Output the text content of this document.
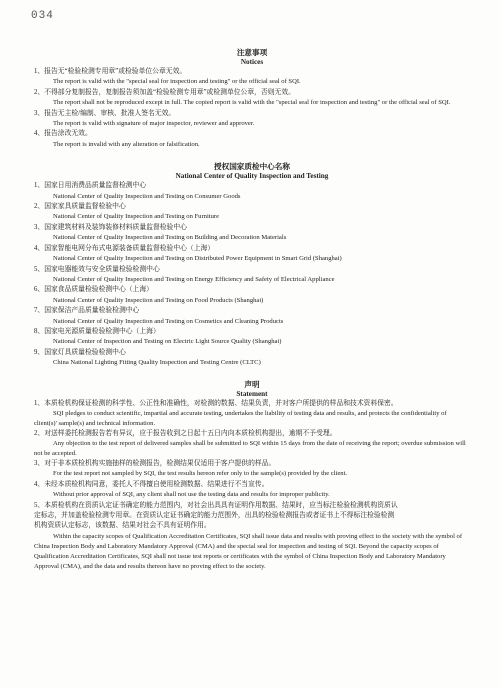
034
注意事项
Notices
1、报告无“检验检测专用章”或检验单位公章无效。
The report is valid with the "special seal for inspection and testing" or the official seal of SQI.
2、不得部分复制报告，复制报告须加盖“检验检测专用章”或检测单位公章，否则无效。
The report shall not be reproduced except in full. The copied report is valid with the "special seal for inspection and testing" or the official seal of SQI.
3、报告无主检/编制、审核、批准人签名无效。
The report is valid with signature of major inspector, reviewer and approver.
4、报告涂改无效。
The report is invalid with any alteration or falsification.
授权国家质检中心名称
National Center of Quality Inspection and Testing
1、国家日用消费品质量监督检测中心
National Center of Quality Inspection and Testing on Consumer Goods
2、国家家具质量监督检验中心
National Center of Quality Inspection and Testing on Furniture
3、国家建筑材料及装饰装修材料质量监督检验中心
National Center of Quality Inspection and Testing on Building and Decoration Materials
4、国家智能电网分布式电源装备质量监督检验中心（上海）
National Center of Quality Inspection and Testing on Distributed Power Equipment in Smart Grid (Shanghai)
5、国家电器能效与安全质量检验检测中心
National Center of Quality Inspection and Testing on Energy Efficiency and Safety of Electrical Appliance
6、国家食品质量检验检测中心（上海）
National Center of Quality Inspection and Testing on Food Products (Shanghai)
7、国家保洁产品质量检验检测中心
National Center of Quality Inspection and Testing on Cosmetics and Cleaning Products
8、国家电光源质量检验检测中心（上海）
National Center of Inspection and Testing on Electric Light Source Quality (Shanghai)
9、国家灯具质量检验检测中心
China National Lighting Fitting Quality Inspection and Testing Centre (CLTC)
声明
Statement
1、本质检机构保证检测的科学性、公正性和准确性，对检测的数据、结果负责，并对客户所提供的样品和技术资料保密。
SQI pledges to conduct scientific, impartial and accurate testing, undertakes the liability of testing data and results, and protects the confidentiality of client(s)' sample(s) and technical information.
2、对送样委托检测报告若有异议，应于报告收到之日起十五日内向本质检机构提出，逾期不予受理。
Any objection to the test report of delivered samples shall be submitted to SQI within 15 days from the date of receiving the report; overdue submission will not be accepted.
3、对于非本质检机构实施抽样的检测报告，检测结果仅适用于客户提供的样品。
For the test report not sampled by SQI, the test results hereon refer only to the sample(s) provided by the client.
4、未经本质检机构同意，委托人不得擅自使用检测数据、结果进行不当宣传。
Without prior approval of SQI, any client shall not use the testing data and results for improper publicity.
5、本质检机构在资质认定证书确定的能力范围内，对社会出具具有证明作用数据、结果时，应当标注检验检测机构资质认
定标志，并加盖检验检测专用章。在资质认定证书确定的能力范围外，出具的检验检测报告或者证书上不得标注检验检测
机构资质认定标志，该数据、结果对社会不具有证明作用。
Within the capacity scopes of Qualification Accreditation Certificates, SQI shall issue data and results with proving effect to the society with the symbol of China Inspection Body and Laboratory Mandatory Approval (CMA) and the special seal for inspection and testing of SQI. Beyond the capacity scopes of Qualification Accreditation Certificates, SQI shall not issue test reports or certificates with the symbol of China Inspection Body and Laboratory Mandatory Approval (CMA), and the data and results thereon have no proving effect to the society.
